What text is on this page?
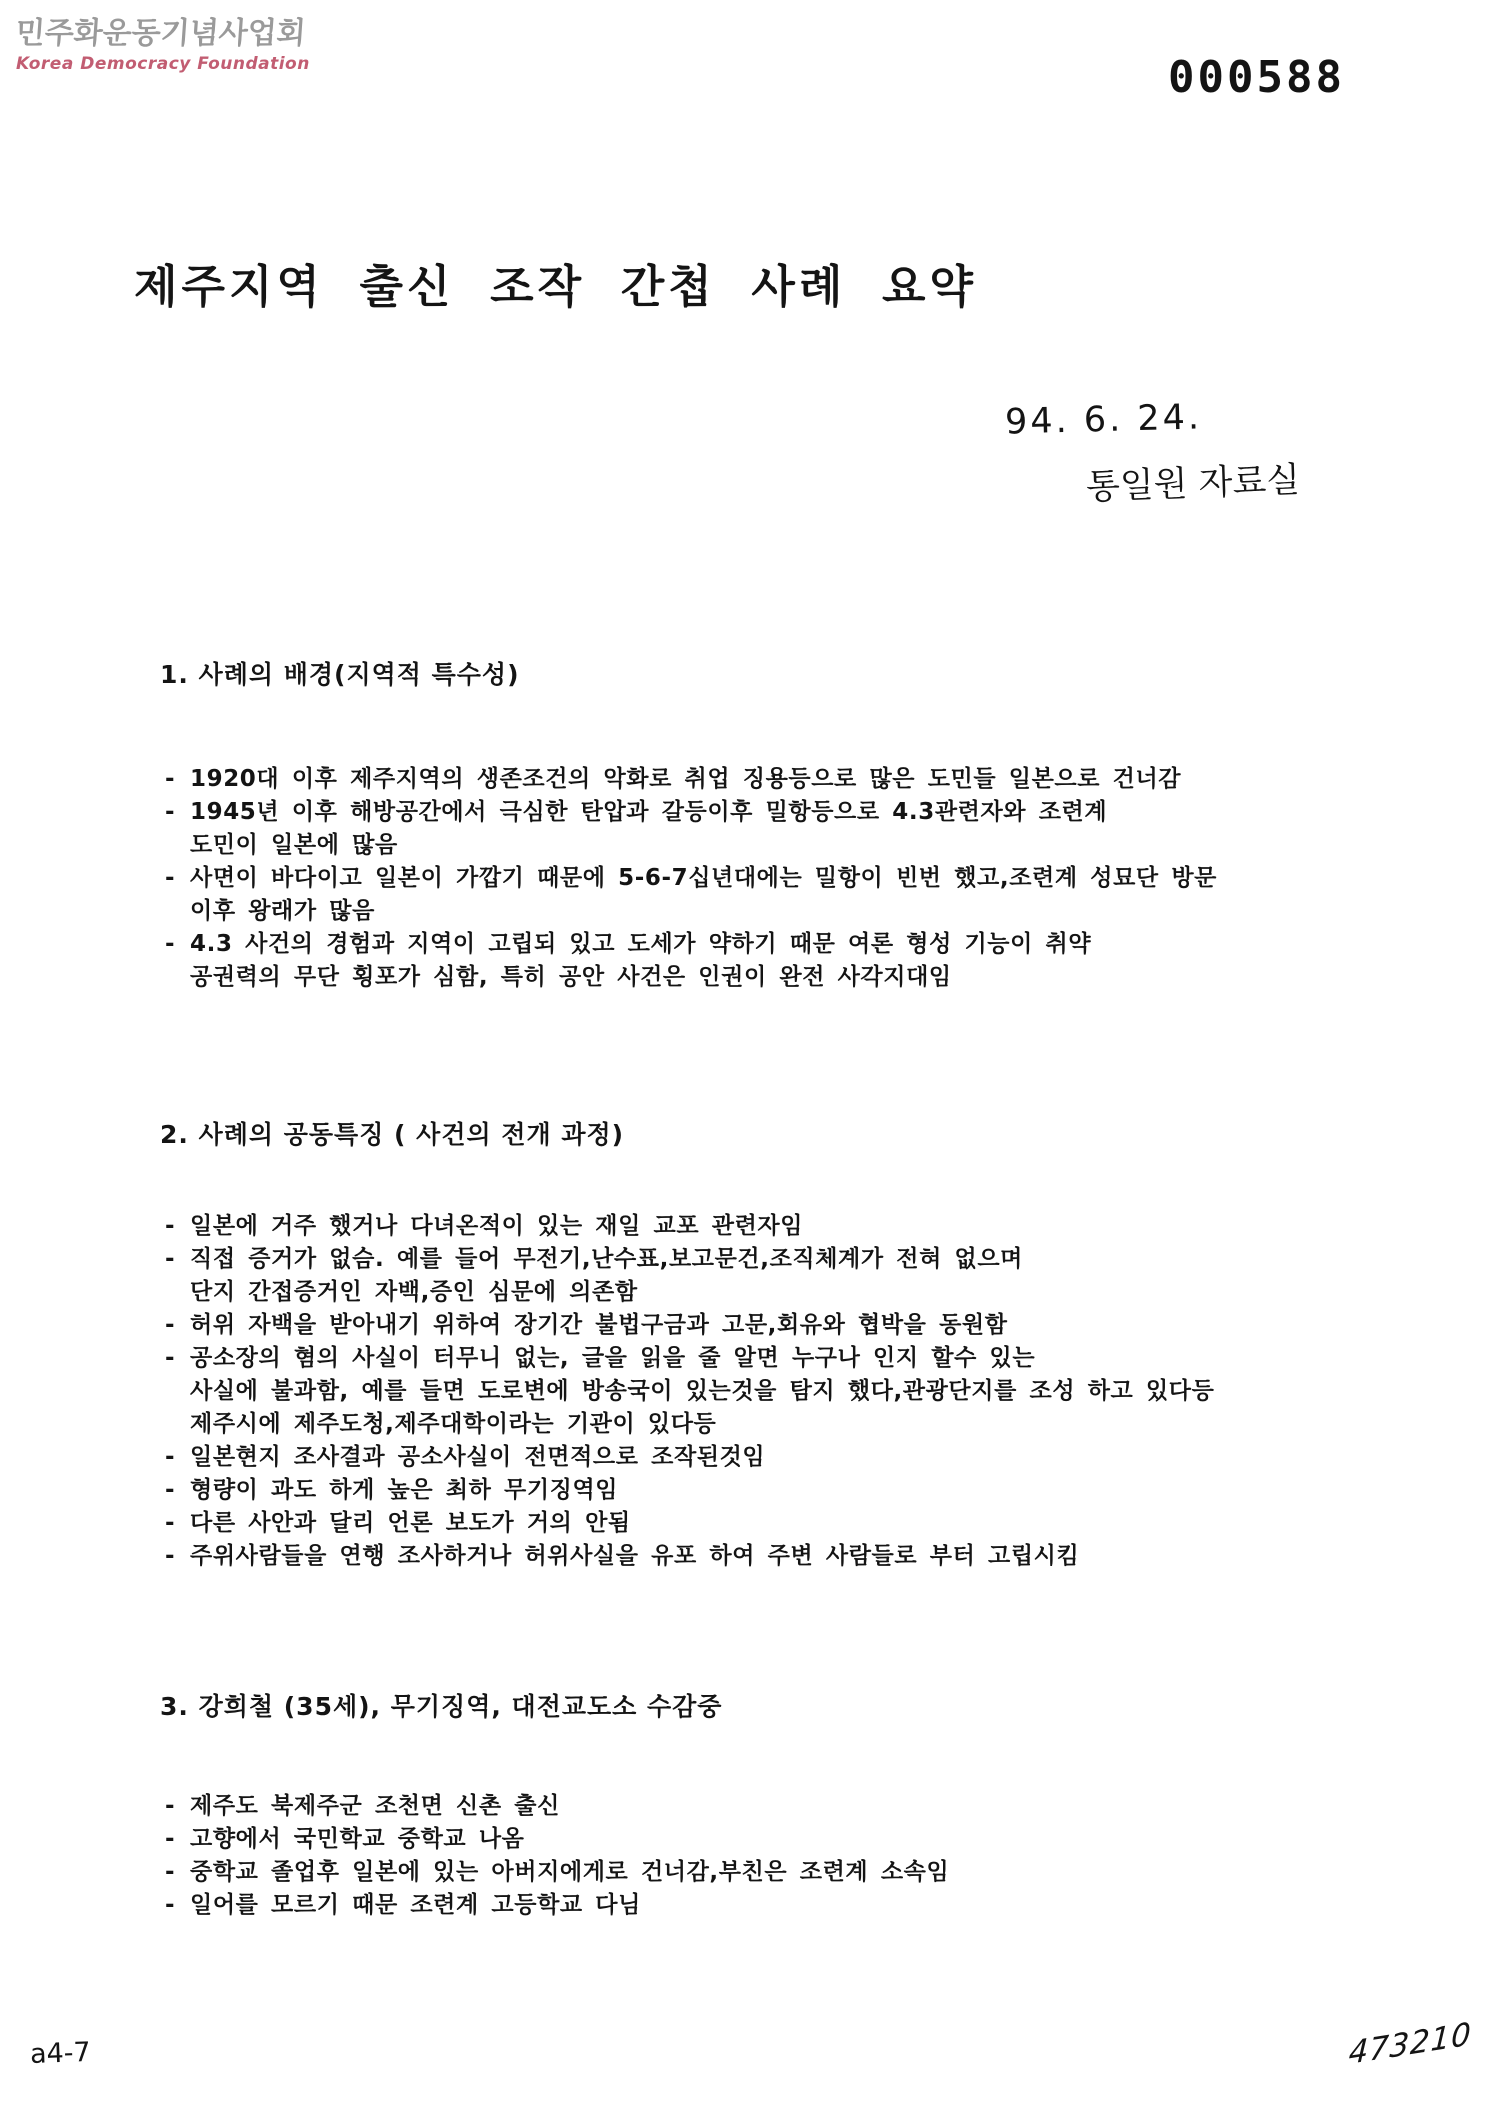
민주화운동기념사업회
Korea Democracy Foundation	000588
제주지역 출신 조작 간첩 사례 요약
94. 6. 24.
통일원 자료실
1. 사례의 배경(지역적 특수성)
- 1920대 이후 제주지역의 생존조건의 악화로 취업 징용등으로 많은 도민들 일본으로 건너감
- 1945년 이후 해방공간에서 극심한 탄압과 갈등이후 밀항등으로 4.3관련자와 조련계
도민이 일본에 많음
- 사면이 바다이고 일본이 가깝기 때문에 5-6-7십년대에는 밀항이 빈번 했고,조련계 성묘단 방문
이후 왕래가 많음
- 4.3 사건의 경험과 지역이 고립되 있고 도세가 약하기 때문 여론 형성 기능이 취약
공권력의 무단 횡포가 심함, 특히 공안 사건은 인권이 완전 사각지대임
2. 사례의 공동특징 ( 사건의 전개 과정)
- 일본에 거주 했거나 다녀온적이 있는 재일 교포 관련자임
- 직접 증거가 없슴. 예를 들어 무전기,난수표,보고문건,조직체계가 전혀 없으며
단지 간접증거인 자백,증인 심문에 의존함
- 허위 자백을 받아내기 위하여 장기간 불법구금과 고문,회유와 협박을 동원함
- 공소장의 혐의 사실이 터무니 없는, 글을 읽을 줄 알면 누구나 인지 할수 있는
사실에 불과함, 예를 들면 도로변에 방송국이 있는것을 탐지 했다,관광단지를 조성 하고 있다등
제주시에 제주도청,제주대학이라는 기관이 있다등
- 일본현지 조사결과 공소사실이 전면적으로 조작된것임
- 형량이 과도 하게 높은 최하 무기징역임
- 다른 사안과 달리 언론 보도가 거의 안됨
- 주위사람들을 연행 조사하거나 허위사실을 유포 하여 주변 사람들로 부터 고립시킴
3. 강희철 (35세), 무기징역, 대전교도소 수감중
- 제주도 북제주군 조천면 신촌 출신
- 고향에서 국민학교 중학교 나옴
- 중학교 졸업후 일본에 있는 아버지에게로 건너감,부친은 조련계 소속임
- 일어를 모르기 때문 조련계 고등학교 다님
a4-7	473210
